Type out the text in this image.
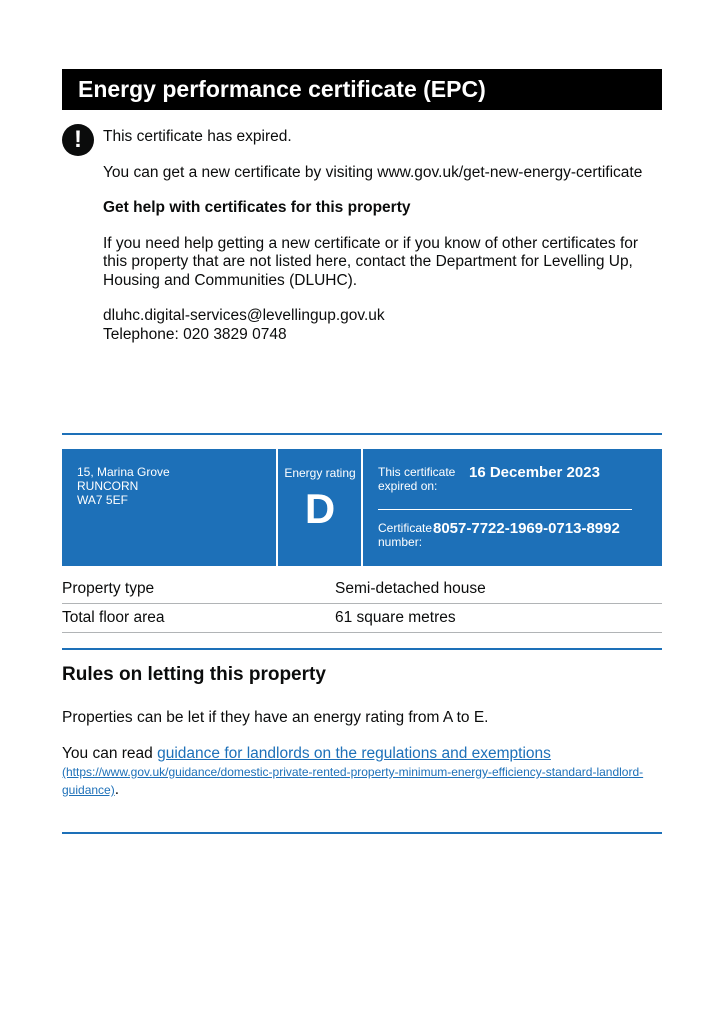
Energy performance certificate (EPC)
!	This certificate has expired.

You can get a new certificate by visiting www.gov.uk/get-new-energy-certificate

Get help with certificates for this property

If you need help getting a new certificate or if you know of other certificates for this property that are not listed here, contact the Department for Levelling Up, Housing and Communities (DLUHC).

dluhc.digital-services@levellingup.gov.uk

Telephone: 020 3829 0748

15, Marina Grove
RUNCORN
WA7 5EF
Energy rating
D
This certificate expired on:
16 December 2023
Certificate number:
8057-7722-1969-0713-8992
Property type	Semi-detached house
Total floor area	61 square metres
Rules on letting this property
Properties can be let if they have an energy rating from A to E.
You can read guidance for landlords on the regulations and exemptions
(https://www.gov.uk/guidance/domestic-private-rented-property-minimum-energy-efficiency-standard-landlord-guidance).
